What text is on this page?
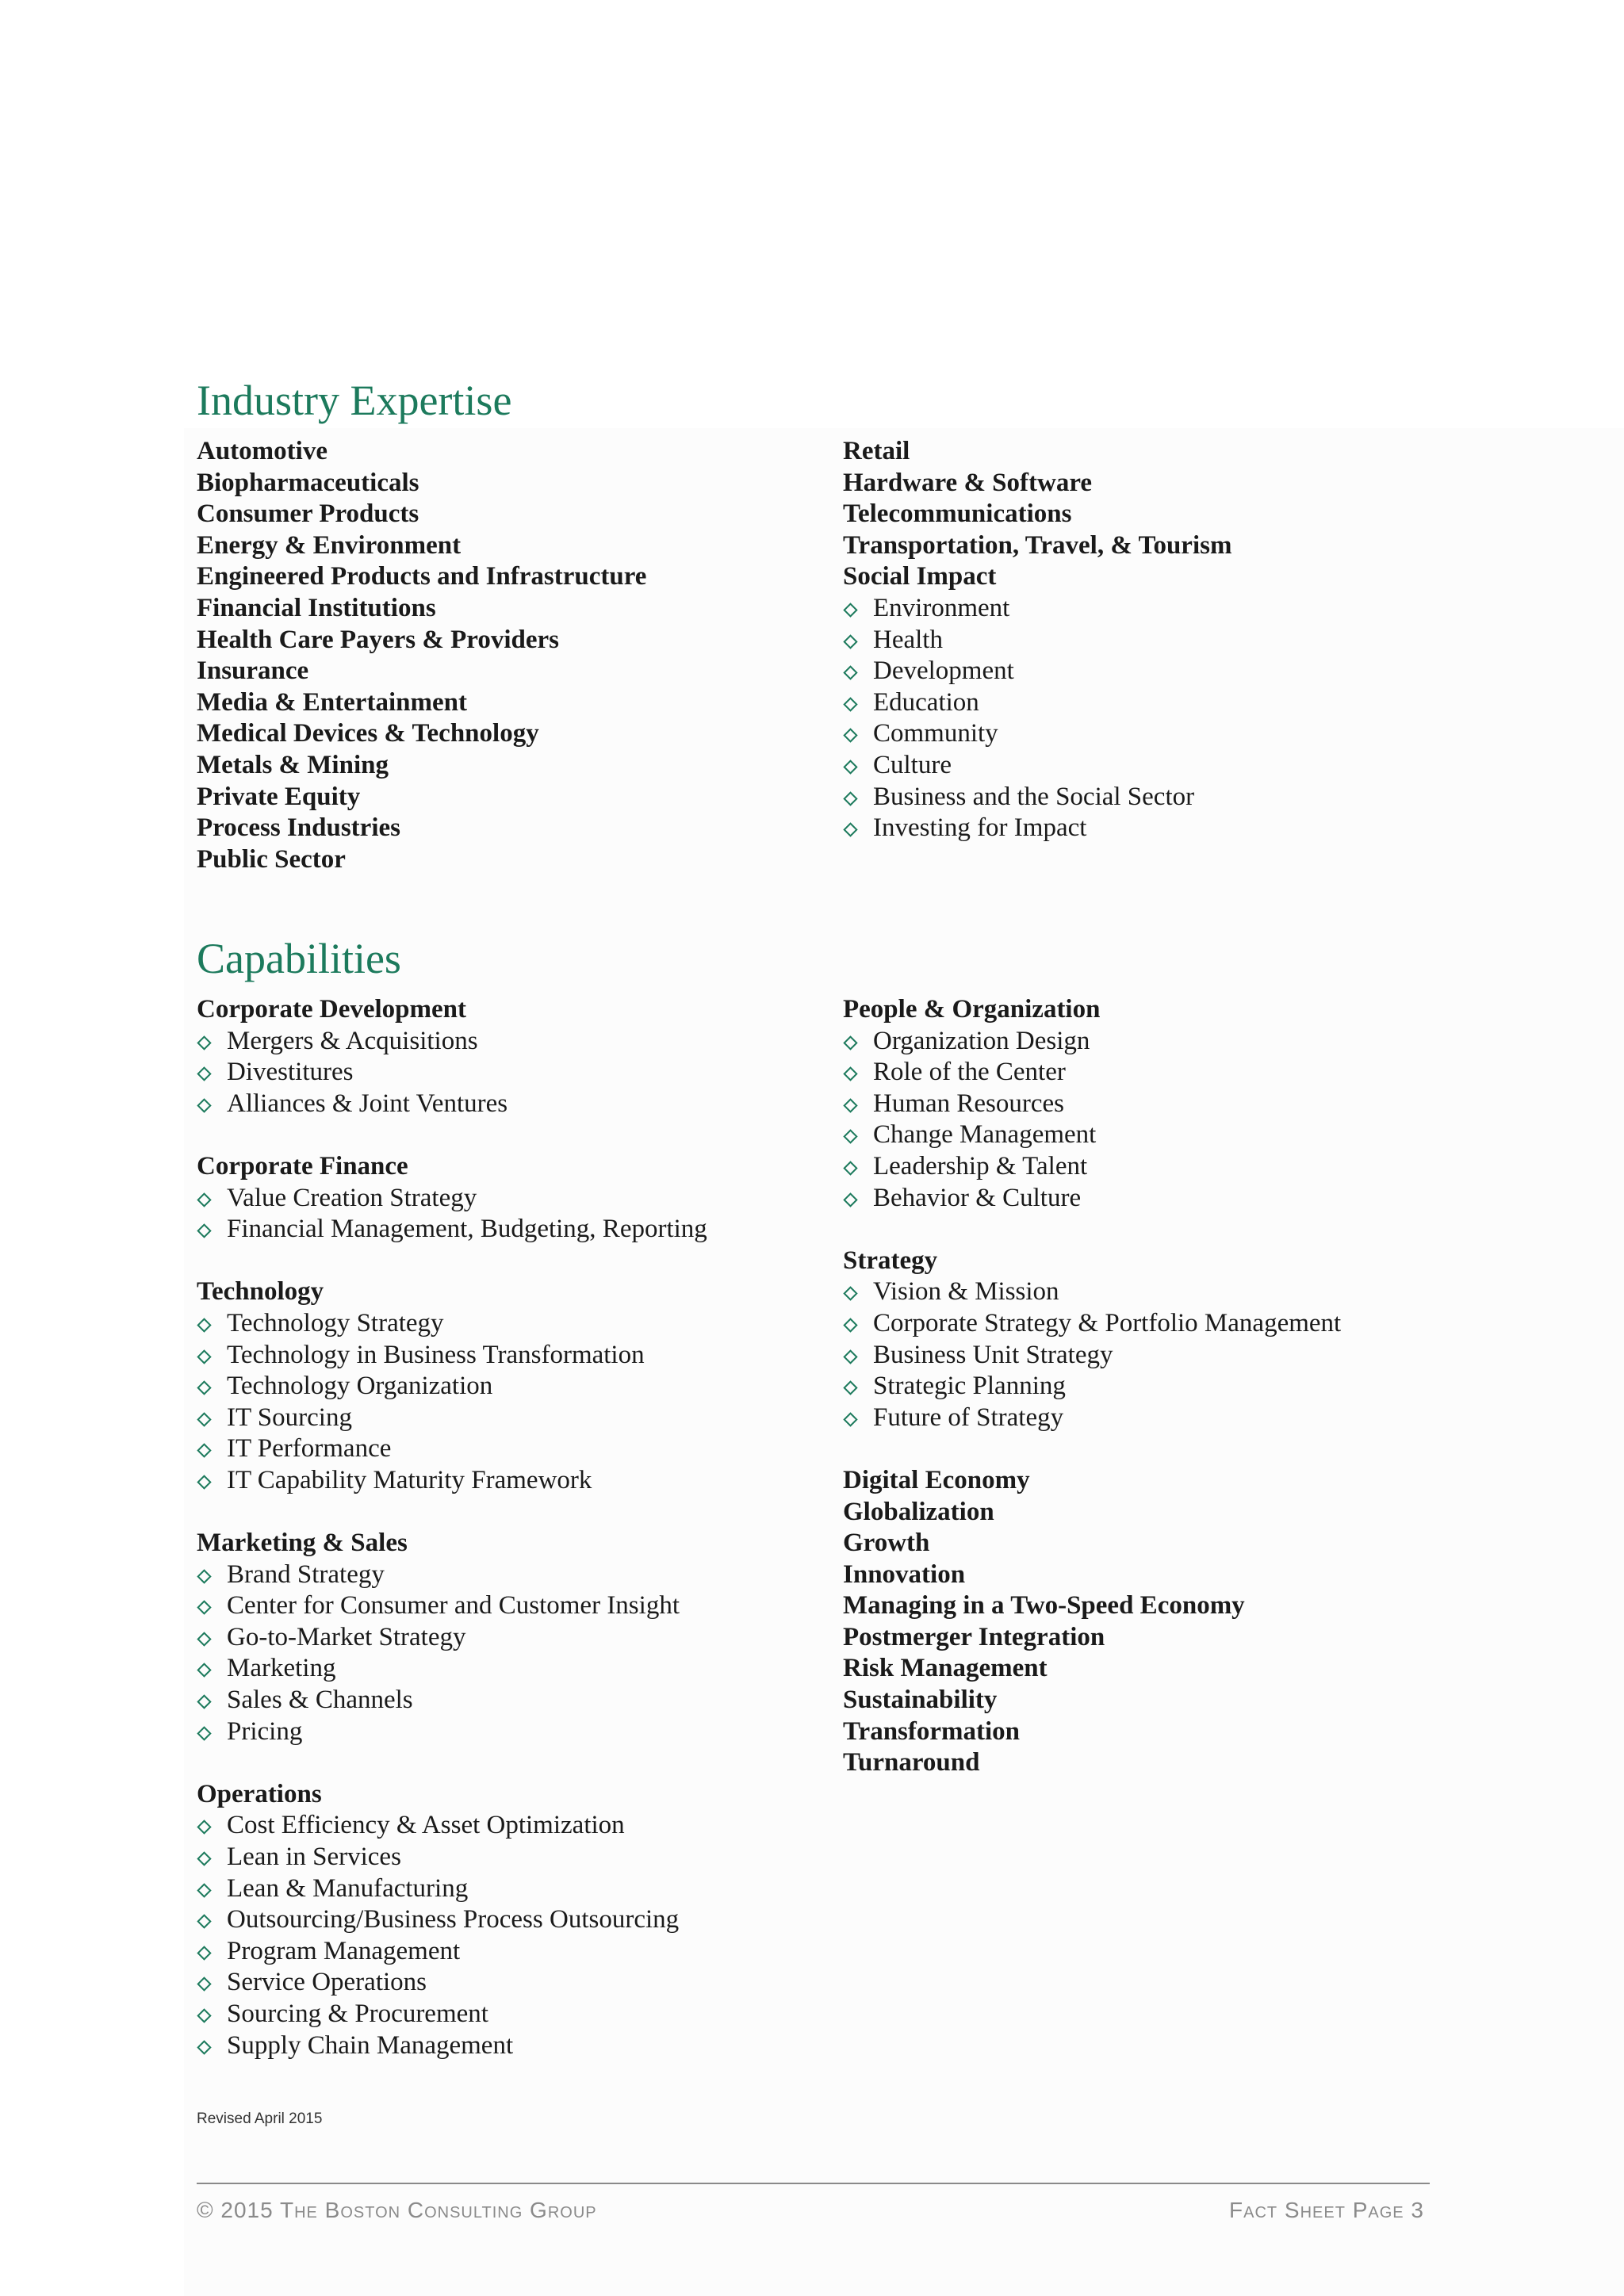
Industry Expertise
Automotive
Biopharmaceuticals
Consumer Products
Energy & Environment
Engineered Products and Infrastructure
Financial Institutions
Health Care Payers & Providers
Insurance
Media & Entertainment
Medical Devices & Technology
Metals & Mining
Private Equity
Process Industries
Public Sector
Retail
Hardware & Software
Telecommunications
Transportation, Travel, & Tourism
Social Impact
Environment
Health
Development
Education
Community
Culture
Business and the Social Sector
Investing for Impact
Capabilities
Corporate Development
Mergers & Acquisitions
Divestitures
Alliances & Joint Ventures
Corporate Finance
Value Creation Strategy
Financial Management, Budgeting, Reporting
Technology
Technology Strategy
Technology in Business Transformation
Technology Organization
IT Sourcing
IT Performance
IT Capability Maturity Framework
Marketing & Sales
Brand Strategy
Center for Consumer and Customer Insight
Go-to-Market Strategy
Marketing
Sales & Channels
Pricing
Operations
Cost Efficiency & Asset Optimization
Lean in Services
Lean & Manufacturing
Outsourcing/Business Process Outsourcing
Program Management
Service Operations
Sourcing & Procurement
Supply Chain Management
People & Organization
Organization Design
Role of the Center
Human Resources
Change Management
Leadership & Talent
Behavior & Culture
Strategy
Vision & Mission
Corporate Strategy & Portfolio Management
Business Unit Strategy
Strategic Planning
Future of Strategy
Digital Economy
Globalization
Growth
Innovation
Managing in a Two-Speed Economy
Postmerger Integration
Risk Management
Sustainability
Transformation
Turnaround
Revised April 2015
© 2015 The Boston Consulting Group	Fact Sheet Page 3
